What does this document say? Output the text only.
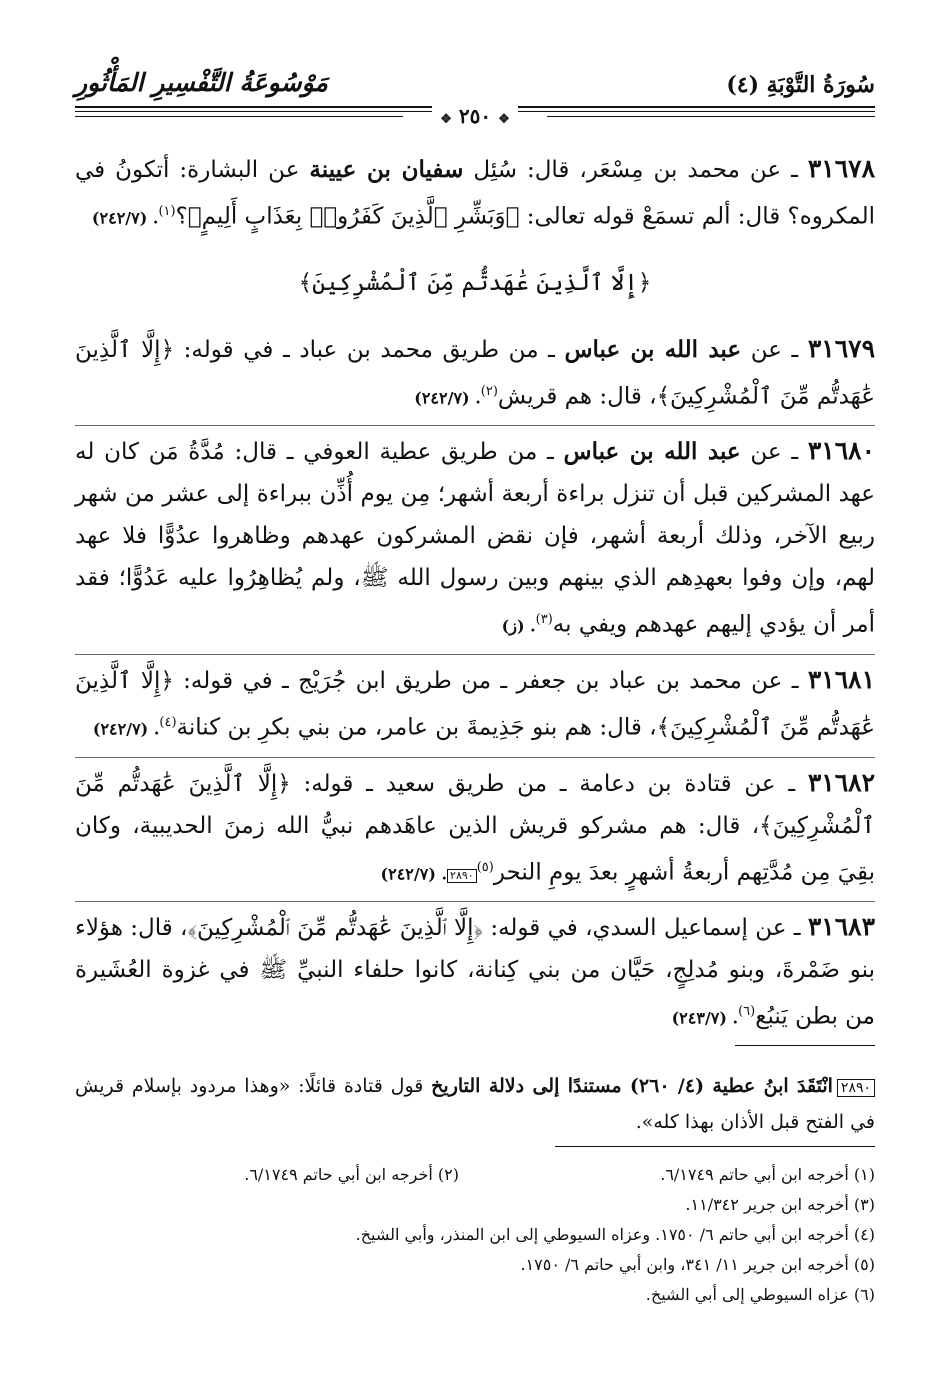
سُورَةُ التَّوْبَةِ (٤)
مَوْسُوعَةُ التَّفْسِيرِ المَأْثُورِ
❖ ٢٥٠ ❖

٣١٦٧٨ ـ عن محمد بن مِسْعَر، قال: سُئِل سفيان بن عيينة عن البشارة: أتكونُ في المكروه؟ قال: ألم تسمَعْ قوله تعالى: ﴿وَبَشِّرِ ٱلَّذِينَ كَفَرُوا۟ بِعَذَابٍ أَلِيمٍ﴾؟$^{(١)}$. (٢٤٢/٧)

﴿إِلَّا ٱلَّذِينَ عَٰهَدتُّم مِّنَ ٱلْمُشْرِكِينَ﴾

٣١٦٧٩ ـ عن عبد الله بن عباس ـ من طريق محمد بن عباد ـ في قوله: ﴿إِلَّا ٱلَّذِينَ عَٰهَدتُّم مِّنَ ٱلْمُشْرِكِينَ﴾، قال: هم قريش$^{(٢)}$. (٢٤٢/٧)

٣١٦٨٠ ـ عن عبد الله بن عباس ـ من طريق عطية العوفي ـ قال: مُدَّةُ مَن كان له عهد المشركين قبل أن تنزل براءة أربعة أشهر؛ مِن يوم أُذِّن ببراءة إلى عشر من شهر ربيع الآخر، وذلك أربعة أشهر، فإن نقض المشركون عهدهم وظاهروا عدُوًّا فلا عهد لهم، وإن وفوا بعهدِهم الذي بينهم وبين رسول الله ﷺ، ولم يُظاهِرُوا عليه عَدُوًّا؛ فقد أمر أن يؤدي إليهم عهدهم ويفي به$^{(٣)}$. (ز)

٣١٦٨١ ـ عن محمد بن عباد بن جعفر ـ من طريق ابن جُرَيْج ـ في قوله: ﴿إِلَّا ٱلَّذِينَ عَٰهَدتُّم مِّنَ ٱلْمُشْرِكِينَ﴾، قال: هم بنو جَذِيمةَ بن عامر، من بني بكرِ بن كنانة$^{(٤)}$. (٢٤٢/٧)

٣١٦٨٢ ـ عن قتادة بن دعامة ـ من طريق سعيد ـ قوله: ﴿إِلَّا ٱلَّذِينَ عَٰهَدتُّم مِّنَ ٱلْمُشْرِكِينَ﴾، قال: هم مشركو قريش الذين عاهَدهم نبيُّ الله زمنَ الحديبية، وكان بقِيَ مِن مُدَّتِهم أربعةُ أشهرٍ بعدَ يومِ النحر$^{(٥)}$٢٨٩٠. (٢٤٢/٧)

٣١٦٨٣ ـ عن إسماعيل السدي، في قوله: ﴿إِلَّا ٱلَّذِينَ عَٰهَدتُّم مِّنَ ٱلْمُشْرِكِينَ﴾، قال: هؤلاء بنو ضَمْرةَ، وبنو مُدلِجٍ، حَيَّان من بني كِنانة، كانوا حلفاء النبيِّ ﷺ في غزوة العُشَيرة من بطن يَنبُع$^{(٦)}$. (٢٤٣/٧)

٢٨٩٠انْتَقَدَ ابنُ عطية (٤/ ٢٦٠) مستندًا إلى دلالة التاريخ قول قتادة قائلًا: «وهذا مردود بإسلام قريش في الفتح قبل الأذان بهذا كله».
(١) أخرجه ابن أبي حاتم ٦/١٧٤٩.
(٢) أخرجه ابن أبي حاتم ٦/١٧٤٩.
(٣) أخرجه ابن جرير ١١/٣٤٢.
(٤) أخرجه ابن أبي حاتم ٦/ ١٧٥٠. وعزاه السيوطي إلى ابن المنذر، وأبي الشيخ.
(٥) أخرجه ابن جرير ١١/ ٣٤١، وابن أبي حاتم ٦/ ١٧٥٠.
(٦) عزاه السيوطي إلى أبي الشيخ.
